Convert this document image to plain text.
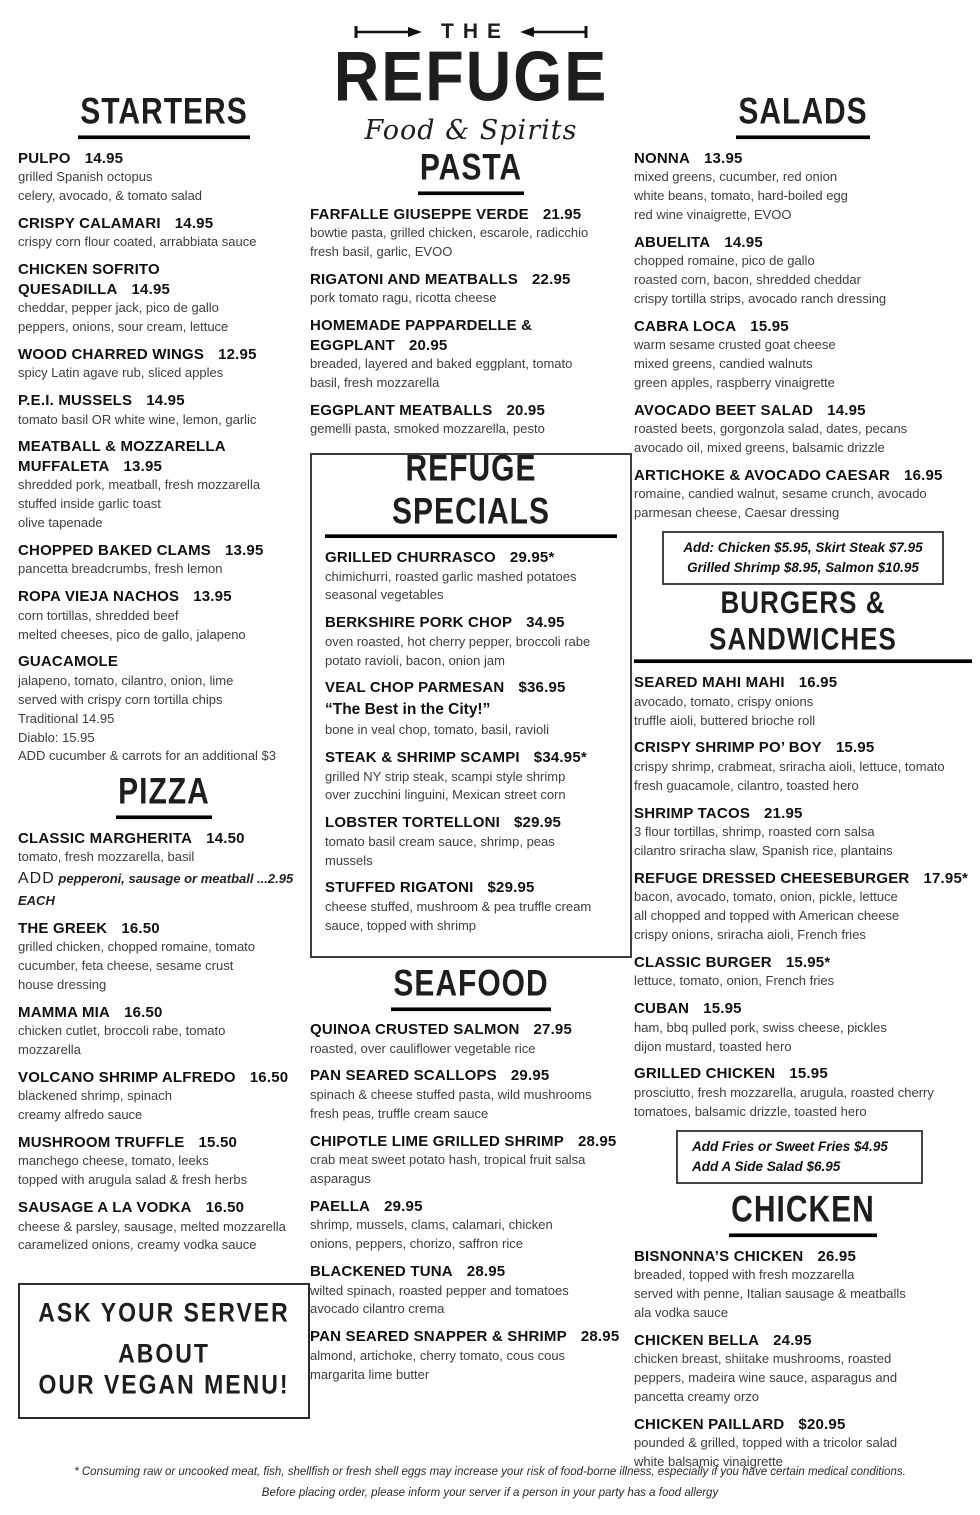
STARTERS
PULPO 14.95
grilled Spanish octopus
celery, avocado, & tomato salad
CRISPY CALAMARI 14.95
crispy corn flour coated, arrabbiata sauce
CHICKEN SOFRITO QUESADILLA 14.95
cheddar, pepper jack, pico de gallo
peppers, onions, sour cream, lettuce
WOOD CHARRED WINGS 12.95
spicy Latin agave rub, sliced apples
P.E.I. MUSSELS 14.95
tomato basil OR white wine, lemon, garlic
MEATBALL & MOZZARELLA MUFFALETA 13.95
shredded pork, meatball, fresh mozzarella
stuffed inside garlic toast
olive tapenade
CHOPPED BAKED CLAMS 13.95
pancetta breadcrumbs, fresh lemon
ROPA VIEJA NACHOS 13.95
corn tortillas, shredded beef
melted cheeses, pico de gallo, jalapeno
GUACAMOLE
jalapeno, tomato, cilantro, onion, lime
served with crispy corn tortilla chips
Traditional 14.95
Diablo: 15.95
ADD cucumber & carrots for an additional $3
PIZZA
CLASSIC MARGHERITA 14.50
tomato, fresh mozzarella, basil
ADD pepperoni, sausage or meatball ...2.95 EACH
THE GREEK 16.50
grilled chicken, chopped romaine, tomato
cucumber, feta cheese, sesame crust
house dressing
MAMMA MIA 16.50
chicken cutlet, broccoli rabe, tomato
mozzarella
VOLCANO SHRIMP ALFREDO 16.50
blackened shrimp, spinach
creamy alfredo sauce
MUSHROOM TRUFFLE 15.50
manchego cheese, tomato, leeks
topped with arugula salad & fresh herbs
SAUSAGE A LA VODKA 16.50
cheese & parsley, sausage, melted mozzarella
caramelized onions, creamy vodka sauce
ASK YOUR SERVER ABOUT
OUR VEGAN MENU!
THE
REFUGE
Food & Spirits
PASTA
FARFALLE GIUSEPPE VERDE 21.95
bowtie pasta, grilled chicken, escarole, radicchio
fresh basil, garlic, EVOO
RIGATONI AND MEATBALLS 22.95
pork tomato ragu, ricotta cheese
HOMEMADE PAPPARDELLE & EGGPLANT 20.95
breaded, layered and baked eggplant, tomato
basil, fresh mozzarella
EGGPLANT MEATBALLS 20.95
gemelli pasta, smoked mozzarella, pesto
REFUGE SPECIALS
GRILLED CHURRASCO 29.95*
chimichurri, roasted garlic mashed potatoes
seasonal vegetables
BERKSHIRE PORK CHOP 34.95
oven roasted, hot cherry pepper, broccoli rabe
potato ravioli, bacon, onion jam
VEAL CHOP PARMESAN $36.95
“The Best in the City!”
bone in veal chop, tomato, basil, ravioli
STEAK & SHRIMP SCAMPI $34.95*
grilled NY strip steak, scampi style shrimp
over zucchini linguini, Mexican street corn
LOBSTER TORTELLONI $29.95
tomato basil cream sauce, shrimp, peas
mussels
STUFFED RIGATONI $29.95
cheese stuffed, mushroom & pea truffle cream
sauce, topped with shrimp
SEAFOOD
QUINOA CRUSTED SALMON 27.95
roasted, over cauliflower vegetable rice
PAN SEARED SCALLOPS 29.95
spinach & cheese stuffed pasta, wild mushrooms
fresh peas, truffle cream sauce
CHIPOTLE LIME GRILLED SHRIMP 28.95
crab meat sweet potato hash, tropical fruit salsa
asparagus
PAELLA 29.95
shrimp, mussels, clams, calamari, chicken
onions, peppers, chorizo, saffron rice
BLACKENED TUNA 28.95
wilted spinach, roasted pepper and tomatoes
avocado cilantro crema
PAN SEARED SNAPPER & SHRIMP 28.95
almond, artichoke, cherry tomato, cous cous
margarita lime butter
SALADS
NONNA 13.95
mixed greens, cucumber, red onion
white beans, tomato, hard-boiled egg
red wine vinaigrette, EVOO
ABUELITA 14.95
chopped romaine, pico de gallo
roasted corn, bacon, shredded cheddar
crispy tortilla strips, avocado ranch dressing
CABRA LOCA 15.95
warm sesame crusted goat cheese
mixed greens, candied walnuts
green apples, raspberry vinaigrette
AVOCADO BEET SALAD 14.95
roasted beets, gorgonzola salad, dates, pecans
avocado oil, mixed greens, balsamic drizzle
ARTICHOKE & AVOCADO CAESAR 16.95
romaine, candied walnut, sesame crunch, avocado
parmesan cheese, Caesar dressing
Add: Chicken $5.95, Skirt Steak $7.95
Grilled Shrimp $8.95, Salmon $10.95
BURGERS & SANDWICHES
SEARED MAHI MAHI 16.95
avocado, tomato, crispy onions
truffle aioli, buttered brioche roll
CRISPY SHRIMP PO’ BOY 15.95
crispy shrimp, crabmeat, sriracha aioli, lettuce, tomato
fresh guacamole, cilantro, toasted hero
SHRIMP TACOS 21.95
3 flour tortillas, shrimp, roasted corn salsa
cilantro sriracha slaw, Spanish rice, plantains
REFUGE DRESSED CHEESEBURGER 17.95*
bacon, avocado, tomato, onion, pickle, lettuce
all chopped and topped with American cheese
crispy onions, sriracha aioli, French fries
CLASSIC BURGER 15.95*
lettuce, tomato, onion, French fries
CUBAN 15.95
ham, bbq pulled pork, swiss cheese, pickles
dijon mustard, toasted hero
GRILLED CHICKEN 15.95
prosciutto, fresh mozzarella, arugula, roasted cherry
tomatoes, balsamic drizzle, toasted hero
Add Fries or Sweet Fries $4.95
Add A Side Salad $6.95
CHICKEN
BISNONNA’S CHICKEN 26.95
breaded, topped with fresh mozzarella
served with penne, Italian sausage & meatballs
ala vodka sauce
CHICKEN BELLA 24.95
chicken breast, shiitake mushrooms, roasted
peppers, madeira wine sauce, asparagus and
pancetta creamy orzo
CHICKEN PAILLARD $20.95
pounded & grilled, topped with a tricolor salad
white balsamic vinaigrette
* Consuming raw or uncooked meat, fish, shellfish or fresh shell eggs may increase your risk of food-borne illness, especially if you have certain medical conditions.
Before placing order, please inform your server if a person in your party has a food allergy
